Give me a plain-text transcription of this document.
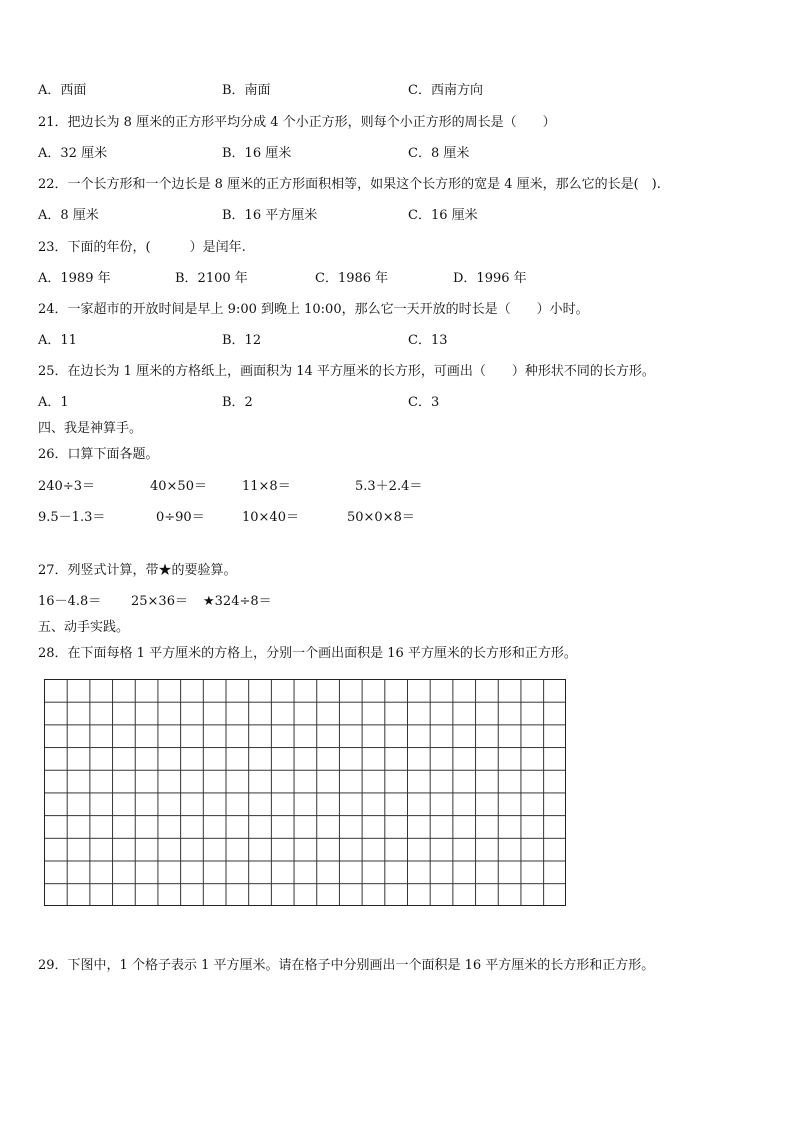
A．西面	B．南面	C．西南方向
21．把边长为 8 厘米的正方形平均分成 4 个小正方形，则每个小正方形的周长是（　　）
A．32 厘米	B．16 厘米	C．8 厘米
22．一个长方形和一个边长是 8 厘米的正方形面积相等，如果这个长方形的宽是 4 厘米，那么它的长是(　).
A．8 厘米	B．16 平方厘米	C．16 厘米
23．下面的年份，(　　　）是闰年.
A．1989 年	B．2100 年	C．1986 年	D．1996 年
24．一家超市的开放时间是早上 9:00 到晚上 10:00，那么它一天开放的时长是（　　）小时。
A．11	B．12	C．13
25．在边长为 1 厘米的方格纸上，画面积为 14 平方厘米的长方形，可画出（　　）种形状不同的长方形。
A．1	B．2	C．3
四、我是神算手。
26．口算下面各题。
240÷3＝	40×50＝	11×8＝	5.3＋2.4＝
9.5－1.3＝	0÷90＝	10×40＝	50×0×8＝
27．列竖式计算，带★的要验算。
16－4.8＝ 25×36＝ ★324÷8＝
五、动手实践。
28．在下面每格 1 平方厘米的方格上，分别一个画出面积是 16 平方厘米的长方形和正方形。
29．下图中，1 个格子表示 1 平方厘米。请在格子中分别画出一个面积是 16 平方厘米的长方形和正方形。
